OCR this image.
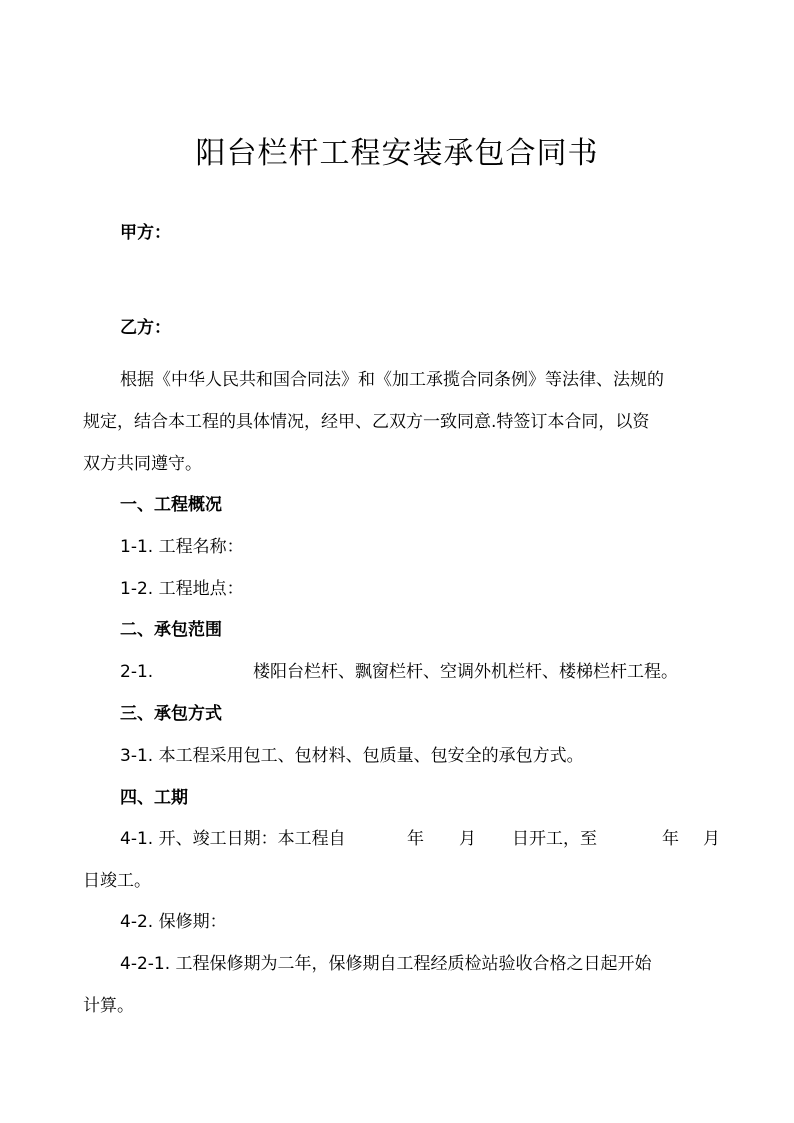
阳台栏杆工程安装承包合同书
甲方：
乙方：
根据《中华人民共和国合同法》和《加工承揽合同条例》等法律、法规的
规定，结合本工程的具体情况，经甲、乙双方一致同意.特签订本合同，以资
双方共同遵守。
一、工程概况
1-1. 工程名称：
1-2. 工程地点：
二、承包范围
2-1.	楼阳台栏杆、飘窗栏杆、空调外机栏杆、楼梯栏杆工程。
三、承包方式
3-1. 本工程采用包工、包材料、包质量、包安全的承包方式。
四、工期
4-1. 开、竣工日期：本工程自	年 月 日开工，至	年 月
日竣工。
4-2. 保修期：
4-2-1. 工程保修期为二年，保修期自工程经质检站验收合格之日起开始
计算。
